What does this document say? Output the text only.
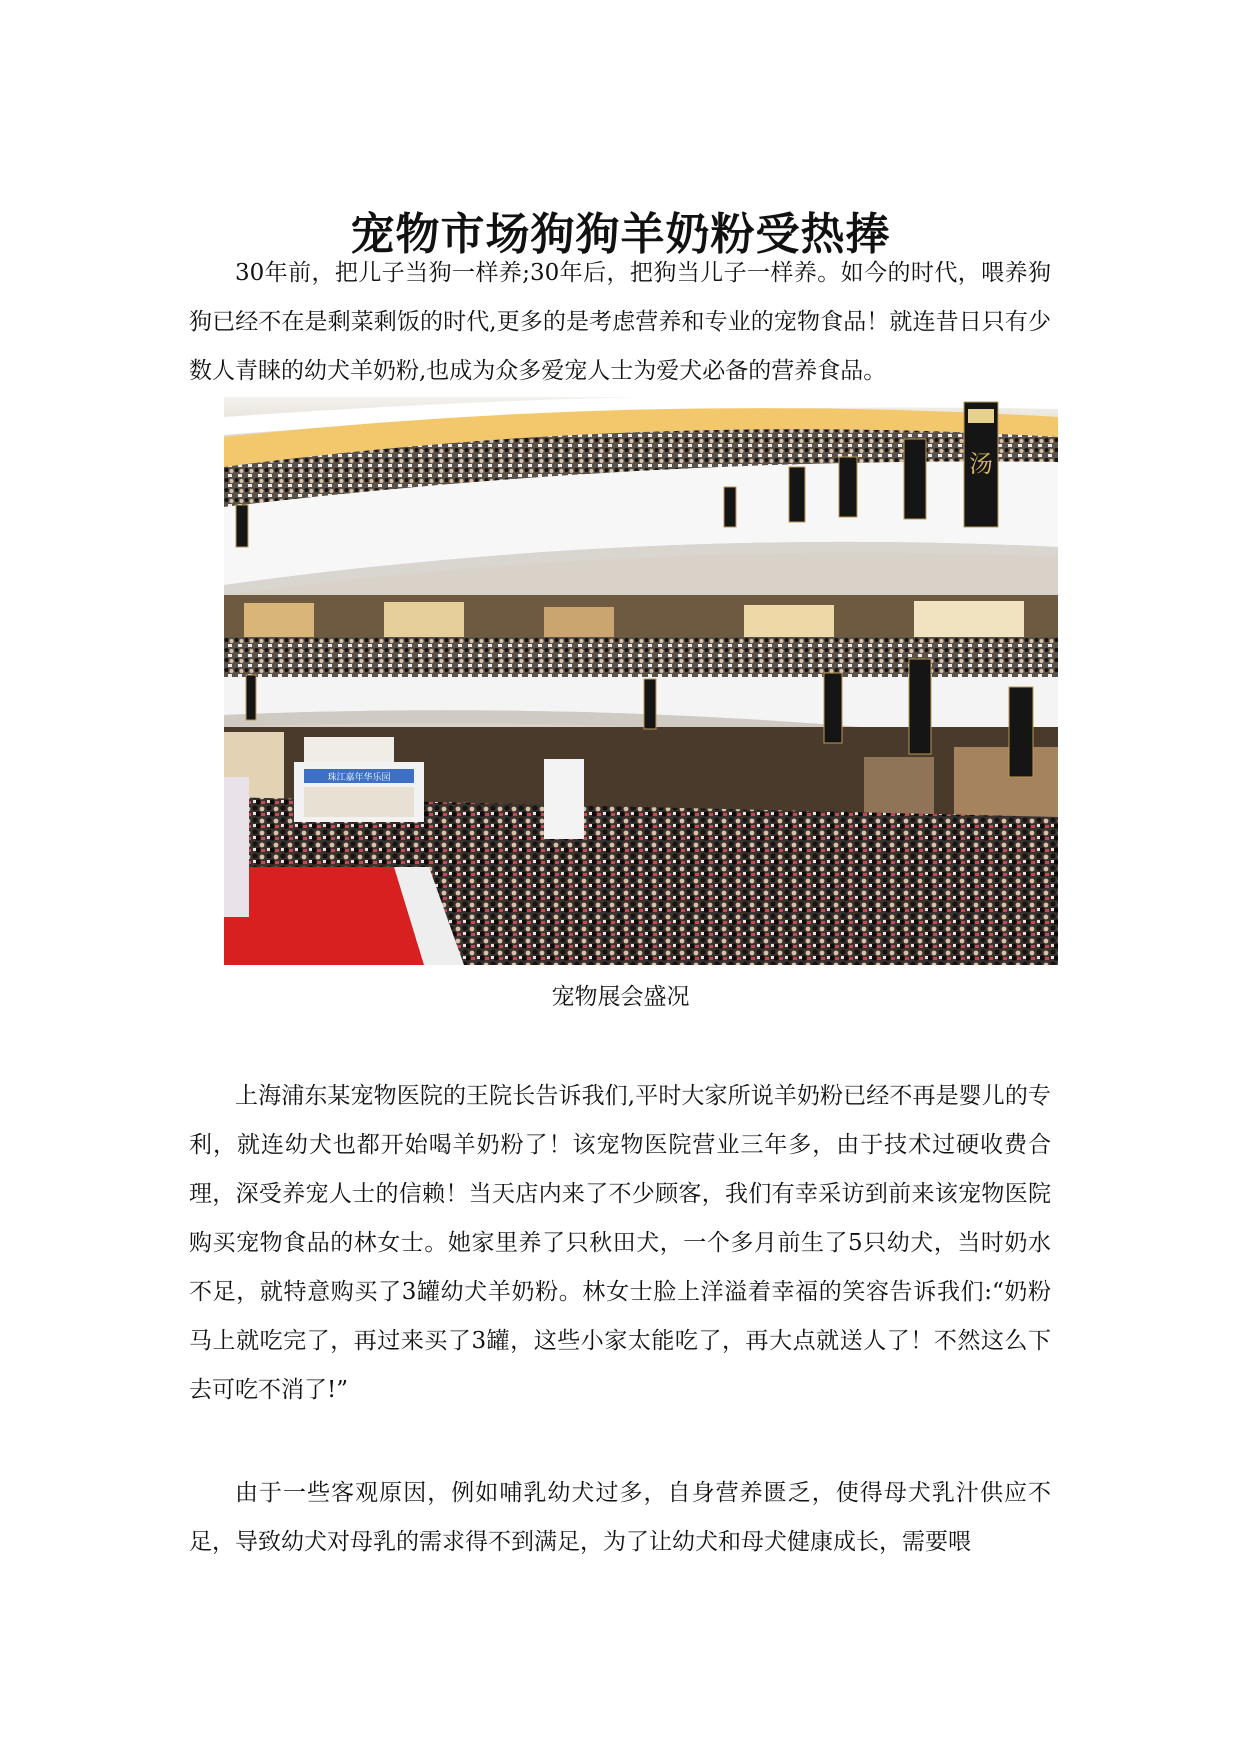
宠物市场狗狗羊奶粉受热捧

30年前，把儿子当狗一样养;30年后，把狗当儿子一样养。如今的时代，喂养狗狗已经不在是剩菜剩饭的时代,更多的是考虑营养和专业的宠物食品！就连昔日只有少数人青睐的幼犬羊奶粉,也成为众多爱宠人士为爱犬必备的营养食品。

珠江嘉年华乐园
汤
宠物展会盛况

上海浦东某宠物医院的王院长告诉我们,平时大家所说羊奶粉已经不再是婴儿的专利，就连幼犬也都开始喝羊奶粉了！该宠物医院营业三年多，由于技术过硬收费合理，深受养宠人士的信赖！当天店内来了不少顾客，我们有幸采访到前来该宠物医院购买宠物食品的林女士。她家里养了只秋田犬，一个多月前生了5只幼犬，当时奶水不足，就特意购买了3罐幼犬羊奶粉。林女士脸上洋溢着幸福的笑容告诉我们:“奶粉马上就吃完了，再过来买了3罐，这些小家太能吃了，再大点就送人了！不然这么下去可吃不消了!”

由于一些客观原因，例如哺乳幼犬过多，自身营养匮乏，使得母犬乳汁供应不足，导致幼犬对母乳的需求得不到满足，为了让幼犬和母犬健康成长，需要喂
